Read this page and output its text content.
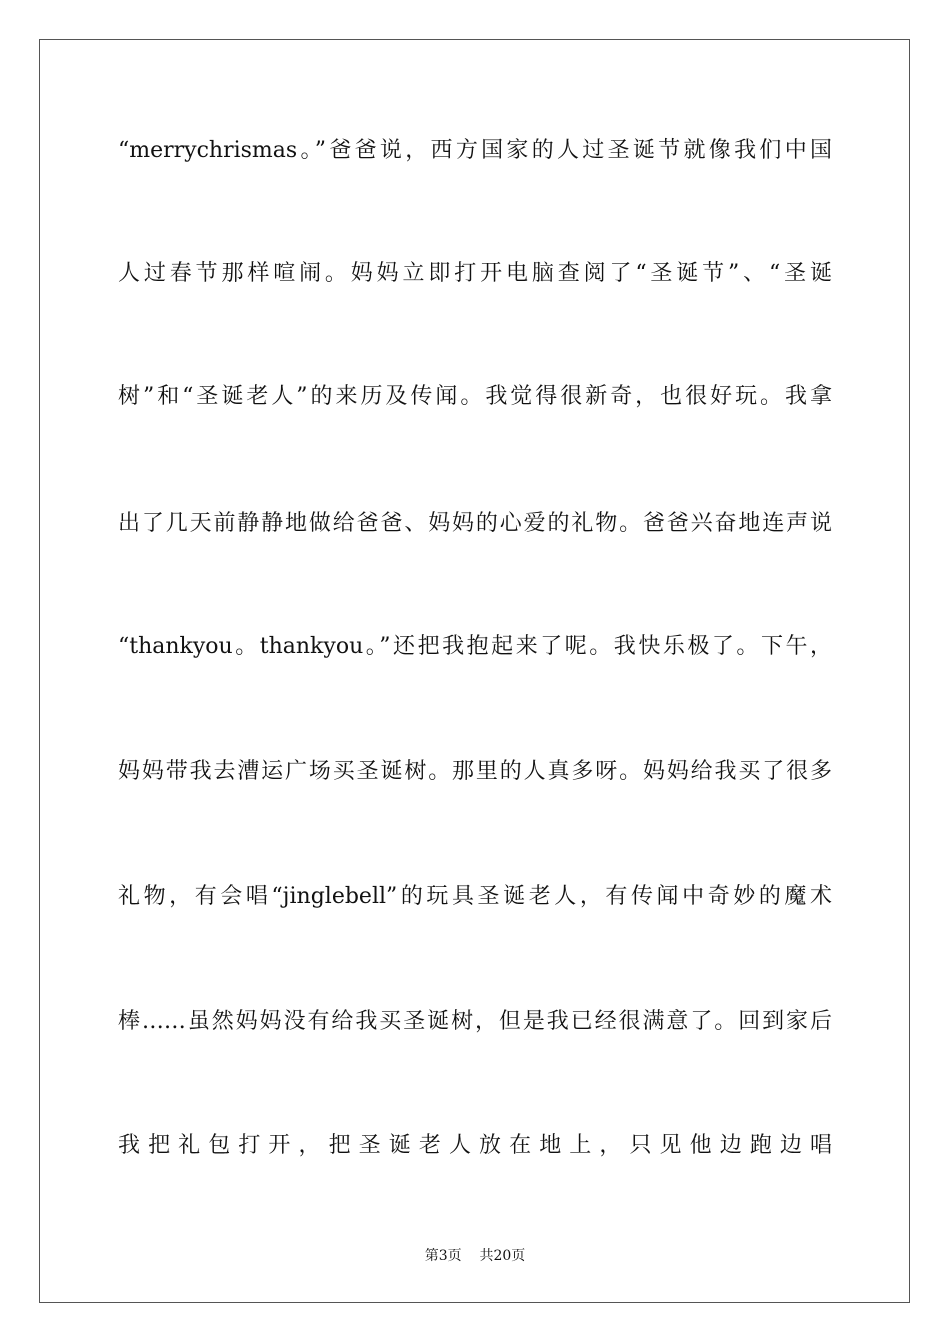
“merrychrismas。”爸爸说，西方国家的人过圣诞节就像我们中国
人过春节那样喧闹。妈妈立即打开电脑查阅了“圣诞节”、“圣诞
树”和“圣诞老人”的来历及传闻。我觉得很新奇，也很好玩。我拿
出了几天前静静地做给爸爸、妈妈的心爱的礼物。爸爸兴奋地连声说
“thankyou。thankyou。”还把我抱起来了呢。我快乐极了。下午，
妈妈带我去漕运广场买圣诞树。那里的人真多呀。妈妈给我买了很多
礼物，有会唱“jinglebell”的玩具圣诞老人，有传闻中奇妙的魔术
棒……虽然妈妈没有给我买圣诞树，但是我已经很满意了。回到家后
我把礼包打开，把圣诞老人放在地上，只见他边跑边唱
第3页 共20页
